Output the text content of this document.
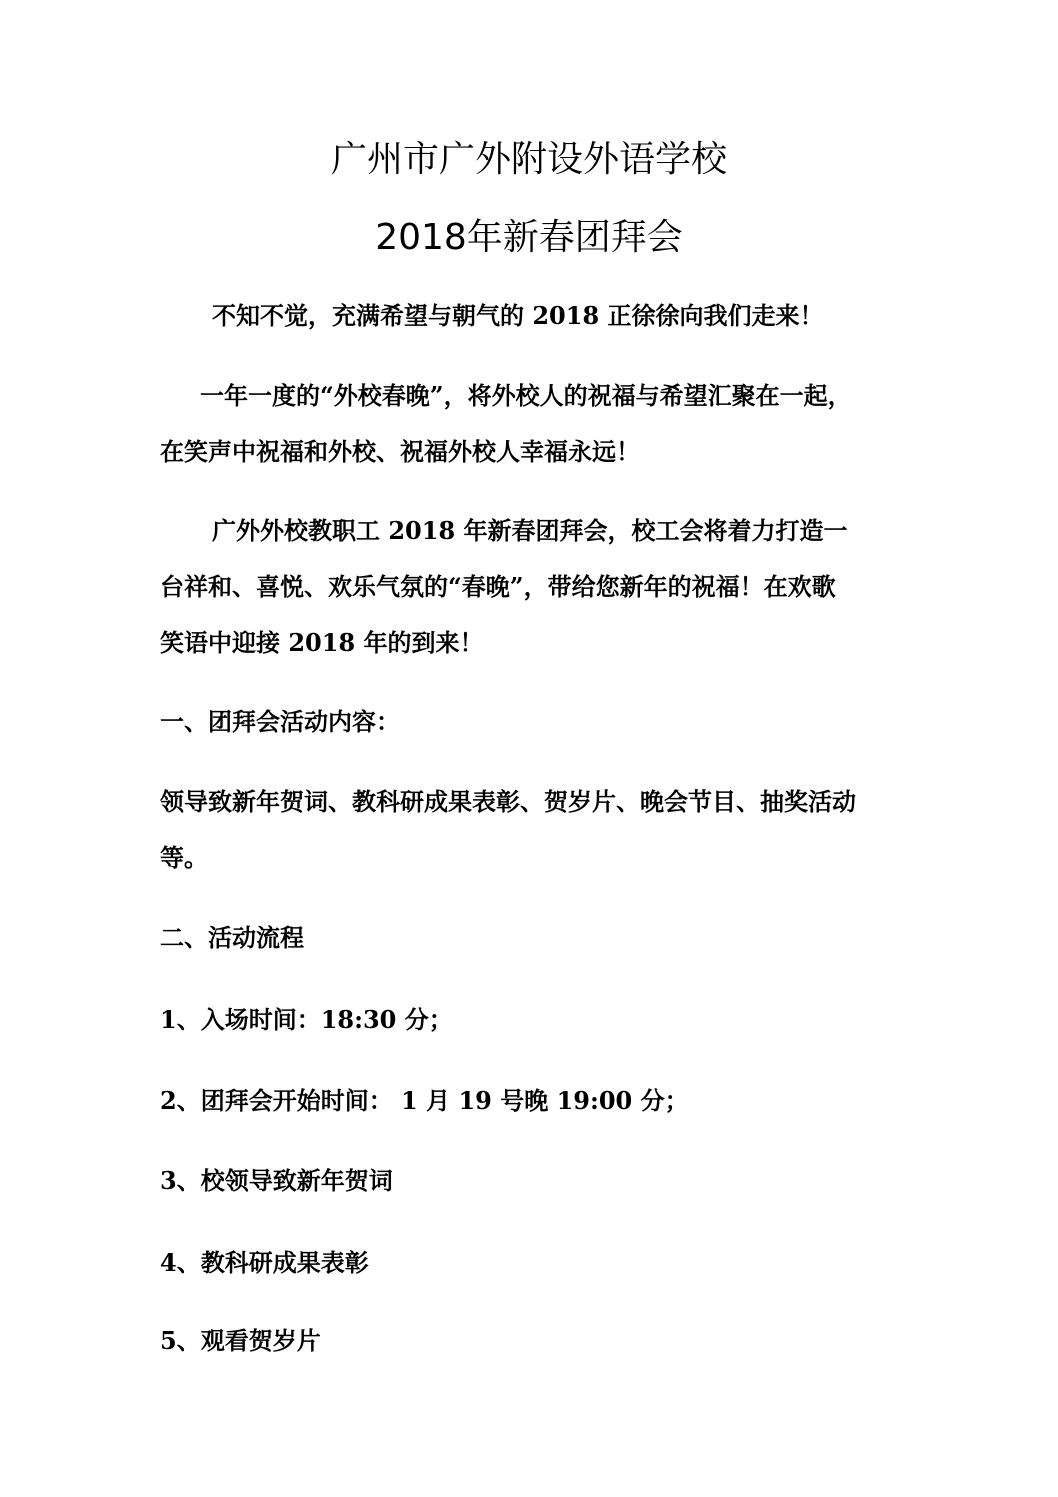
广州市广外附设外语学校
2018年新春团拜会
不知不觉，充满希望与朝气的 2018 正徐徐向我们走来！
一年一度的“外校春晚”，将外校人的祝福与希望汇聚在一起，
在笑声中祝福和外校、祝福外校人幸福永远！
广外外校教职工 2018 年新春团拜会，校工会将着力打造一
台祥和、喜悦、欢乐气氛的“春晚”，带给您新年的祝福！在欢歌
笑语中迎接 2018 年的到来！
一、团拜会活动内容：
领导致新年贺词、教科研成果表彰、贺岁片、晚会节目、抽奖活动
等。
二、活动流程
1、入场时间：18:30 分；
2、团拜会开始时间： 1 月 19 号晚 19:00 分；
3、校领导致新年贺词
4、教科研成果表彰
5、观看贺岁片
